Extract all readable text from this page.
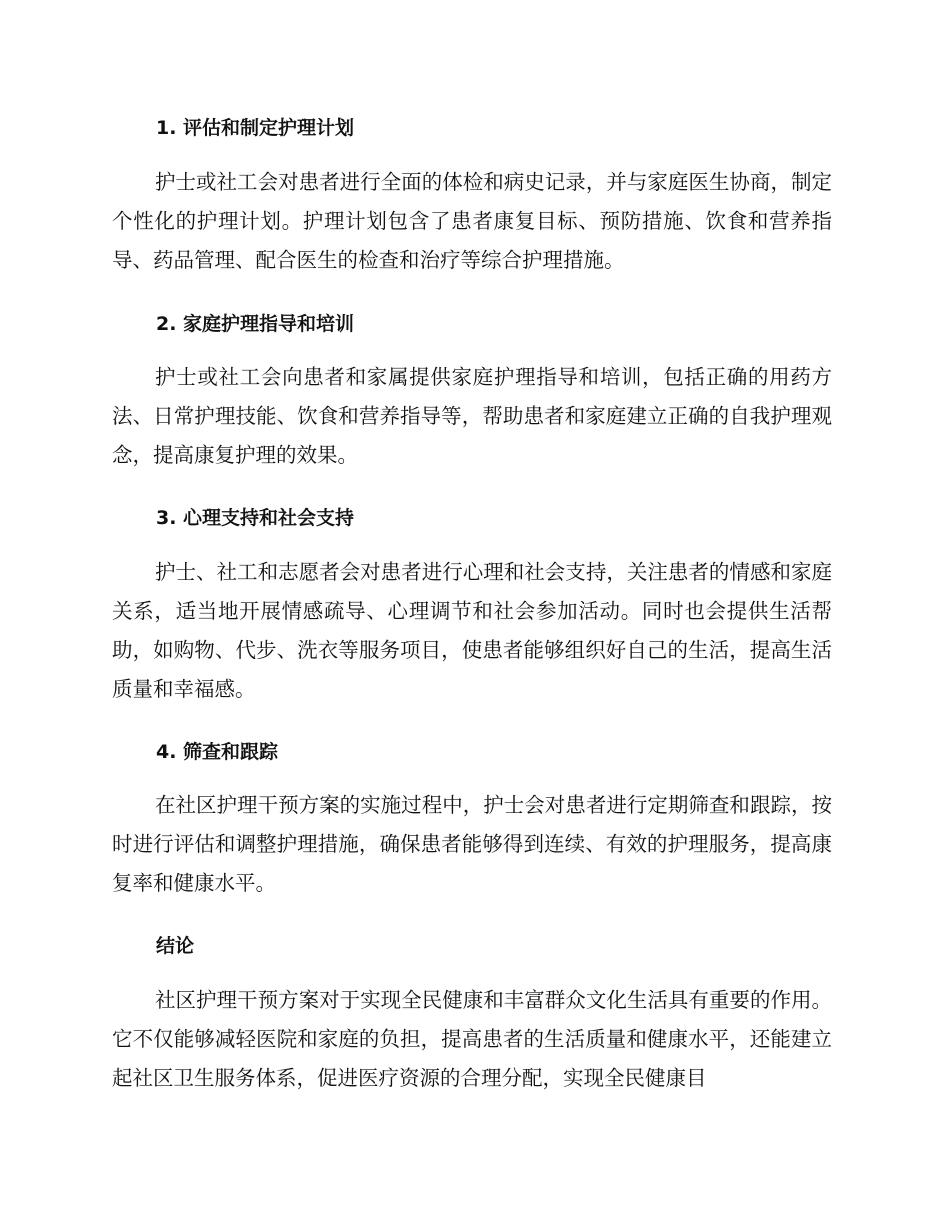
1. 评估和制定护理计划
护士或社工会对患者进行全面的体检和病史记录，并与家庭医生协商，制定个性化的护理计划。护理计划包含了患者康复目标、预防措施、饮食和营养指导、药品管理、配合医生的检查和治疗等综合护理措施。
2. 家庭护理指导和培训
护士或社工会向患者和家属提供家庭护理指导和培训，包括正确的用药方法、日常护理技能、饮食和营养指导等，帮助患者和家庭建立正确的自我护理观念，提高康复护理的效果。
3. 心理支持和社会支持
护士、社工和志愿者会对患者进行心理和社会支持，关注患者的情感和家庭关系，适当地开展情感疏导、心理调节和社会参加活动。同时也会提供生活帮助，如购物、代步、洗衣等服务项目，使患者能够组织好自己的生活，提高生活质量和幸福感。
4. 筛查和跟踪
在社区护理干预方案的实施过程中，护士会对患者进行定期筛查和跟踪，按时进行评估和调整护理措施，确保患者能够得到连续、有效的护理服务，提高康复率和健康水平。
结论
社区护理干预方案对于实现全民健康和丰富群众文化生活具有重要的作用。它不仅能够减轻医院和家庭的负担，提高患者的生活质量和健康水平，还能建立起社区卫生服务体系，促进医疗资源的合理分配，实现全民健康目
